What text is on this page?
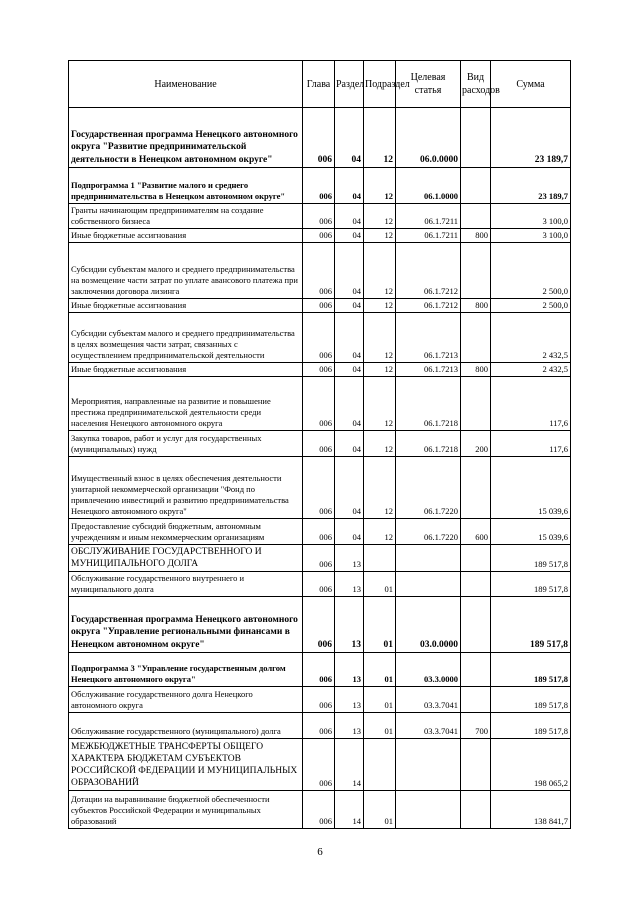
Наименование	Глава	Раздел	Подраздел	Целевая статья	Вид расходов	Сумма
Государственная программа Ненецкого автономного округа "Развитие предпринимательской деятельности в Ненецком автономном округе"	006	04	12	06.0.0000		23 189,7
Подпрограмма 1 "Развитие малого и среднего предпринимательства в Ненецком автономном округе"	006	04	12	06.1.0000		23 189,7
Гранты начинающим предпринимателям на создание собственного бизнеса	006	04	12	06.1.7211		3 100,0
Иные бюджетные ассигнования	006	04	12	06.1.7211	800	3 100,0
Субсидии субъектам малого и среднего предпринимательства на возмещение части затрат по уплате авансового платежа при заключении договора лизинга	006	04	12	06.1.7212		2 500,0
Иные бюджетные ассигнования	006	04	12	06.1.7212	800	2 500,0
Субсидии субъектам малого и среднего предпринимательства в целях возмещения части затрат, связанных с осуществлением предпринимательской деятельности	006	04	12	06.1.7213		2 432,5
Иные бюджетные ассигнования	006	04	12	06.1.7213	800	2 432,5
Мероприятия, направленные на развитие и повышение престижа предпринимательской деятельности среди населения Ненецкого автономного округа	006	04	12	06.1.7218		117,6
Закупка товаров, работ и услуг для государственных (муниципальных) нужд	006	04	12	06.1.7218	200	117,6
Имущественный взнос в целях обеспечения деятельности унитарной некоммерческой организации "Фонд по привлечению инвестиций и развитию предпринимательства Ненецкого автономного округа"	006	04	12	06.1.7220		15 039,6
Предоставление субсидий бюджетным, автономным учреждениям и иным некоммерческим организациям	006	04	12	06.1.7220	600	15 039,6
ОБСЛУЖИВАНИЕ ГОСУДАРСТВЕННОГО И МУНИЦИПАЛЬНОГО ДОЛГА	006	13				189 517,8
Обслуживание государственного внутреннего и муниципального долга	006	13	01			189 517,8
Государственная программа Ненецкого автономного округа "Управление региональными финансами в Ненецком автономном округе"	006	13	01	03.0.0000		189 517,8
Подпрограмма 3 "Управление государственным долгом Ненецкого автономного округа"	006	13	01	03.3.0000		189 517,8
Обслуживание государственного долга Ненецкого автономного округа	006	13	01	03.3.7041		189 517,8
Обслуживание государственного (муниципального) долга	006	13	01	03.3.7041	700	189 517,8
МЕЖБЮДЖЕТНЫЕ ТРАНСФЕРТЫ ОБЩЕГО ХАРАКТЕРА БЮДЖЕТАМ СУБЪЕКТОВ РОССИЙСКОЙ ФЕДЕРАЦИИ И МУНИЦИПАЛЬНЫХ ОБРАЗОВАНИЙ	006	14				198 065,2
Дотации на выравнивание бюджетной обеспеченности субъектов Российской Федерации и муниципальных образований	006	14	01			138 841,7
6
